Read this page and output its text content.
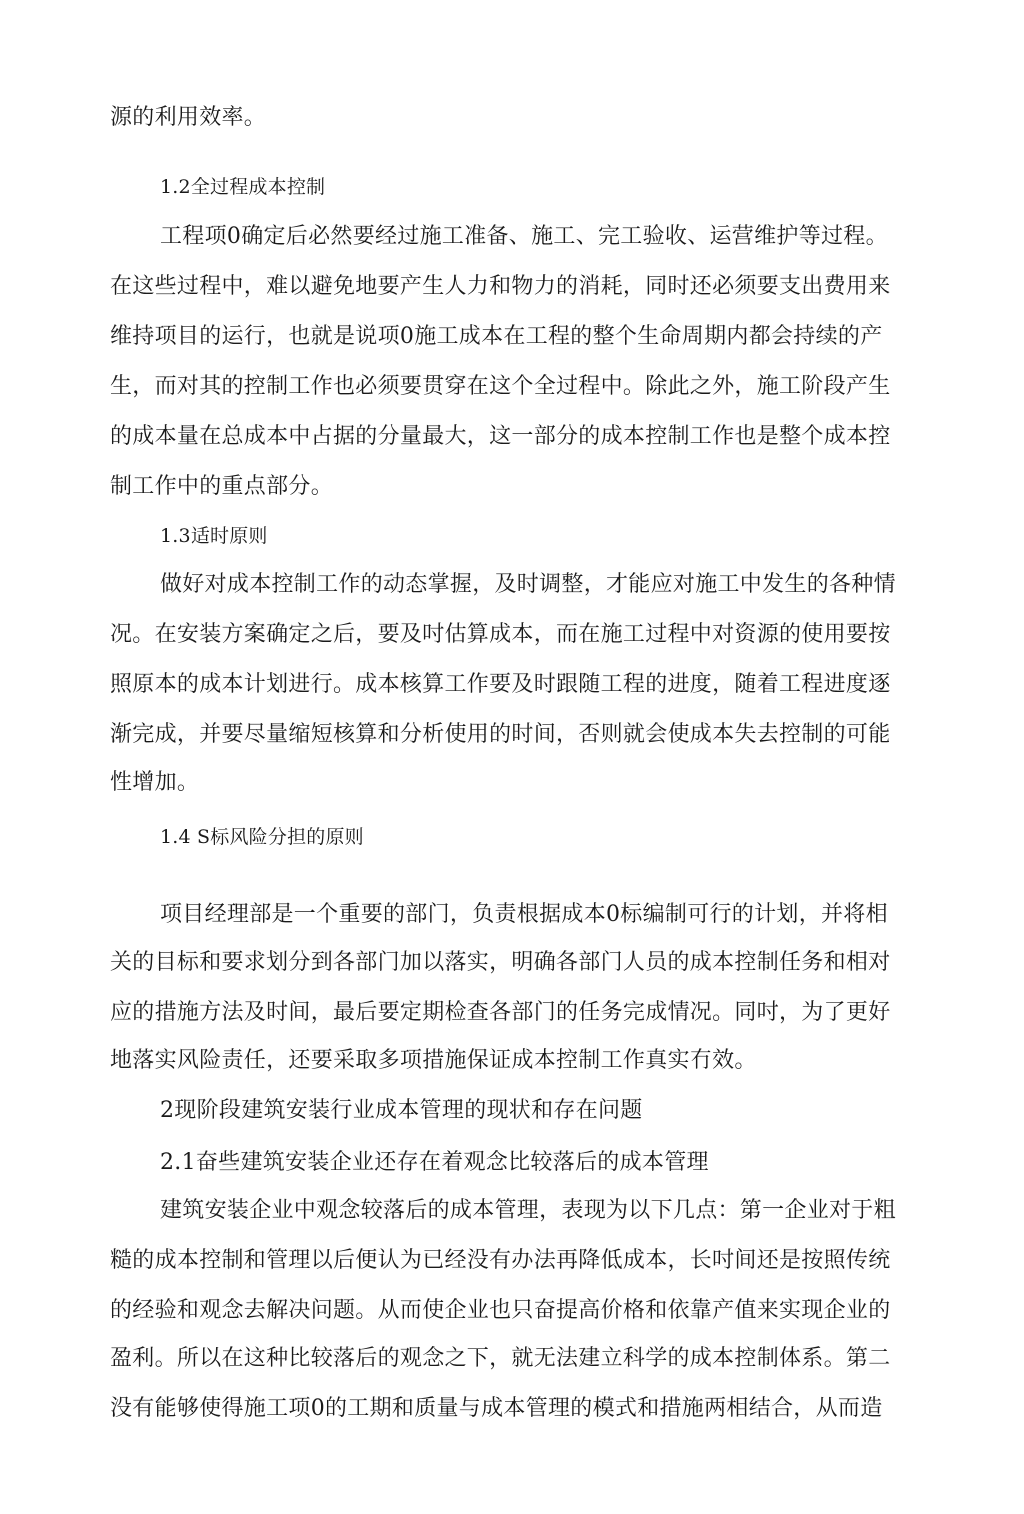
源的利用效率。
1.2全过程成本控制
工程项0确定后必然要经过施工准备、施工、完工验收、运营维护等过程。
在这些过程中，难以避免地要产生人力和物力的消耗，同时还必须要支出费用来
维持项目的运行，也就是说项0施工成本在工程的整个生命周期内都会持续的产
生，而对其的控制工作也必须要贯穿在这个全过程中。除此之外，施工阶段产生
的成本量在总成本中占据的分量最大，这一部分的成本控制工作也是整个成本控
制工作中的重点部分。
1.3适时原则
做好对成本控制工作的动态掌握，及时调整，才能应对施工中发生的各种情
况。在安装方案确定之后，要及吋估算成本，而在施工过程中对资源的使用要按
照原本的成本计划进行。成本核算工作要及时跟随工程的进度，随着工程进度逐
渐完成，并要尽量缩短核算和分析使用的时间，否则就会使成本失去控制的可能
性增加。
1.4 S标风险分担的原则
项目经理部是一个重要的部门，负责根据成本0标编制可行的计划，并将相
关的目标和要求划分到各部门加以落实，明确各部门人员的成本控制任务和相对
应的措施方法及时间，最后要定期检查各部门的任务完成情况。同吋，为了更好
地落实风险责任，还要采取多项措施保证成本控制工作真实冇效。
2现阶段建筑安装行业成本管理的现状和存在问题
2.1奋些建筑安装企业还存在着观念比较落后的成本管理
建筑安装企业中观念较落后的成本管理，表现为以下几点：第一企业对于粗
糙的成本控制和管理以后便认为已经没有办法再降低成本，长吋间还是按照传统
的经验和观念去解决问题。从而使企业也只奋提高价格和依靠产值来实现企业的
盈利。所以在这种比较落后的观念之下，就无法建立科学的成本控制体系。第二
没有能够使得施工项0的工期和质量与成本管理的模式和措施两相结合，从而造
